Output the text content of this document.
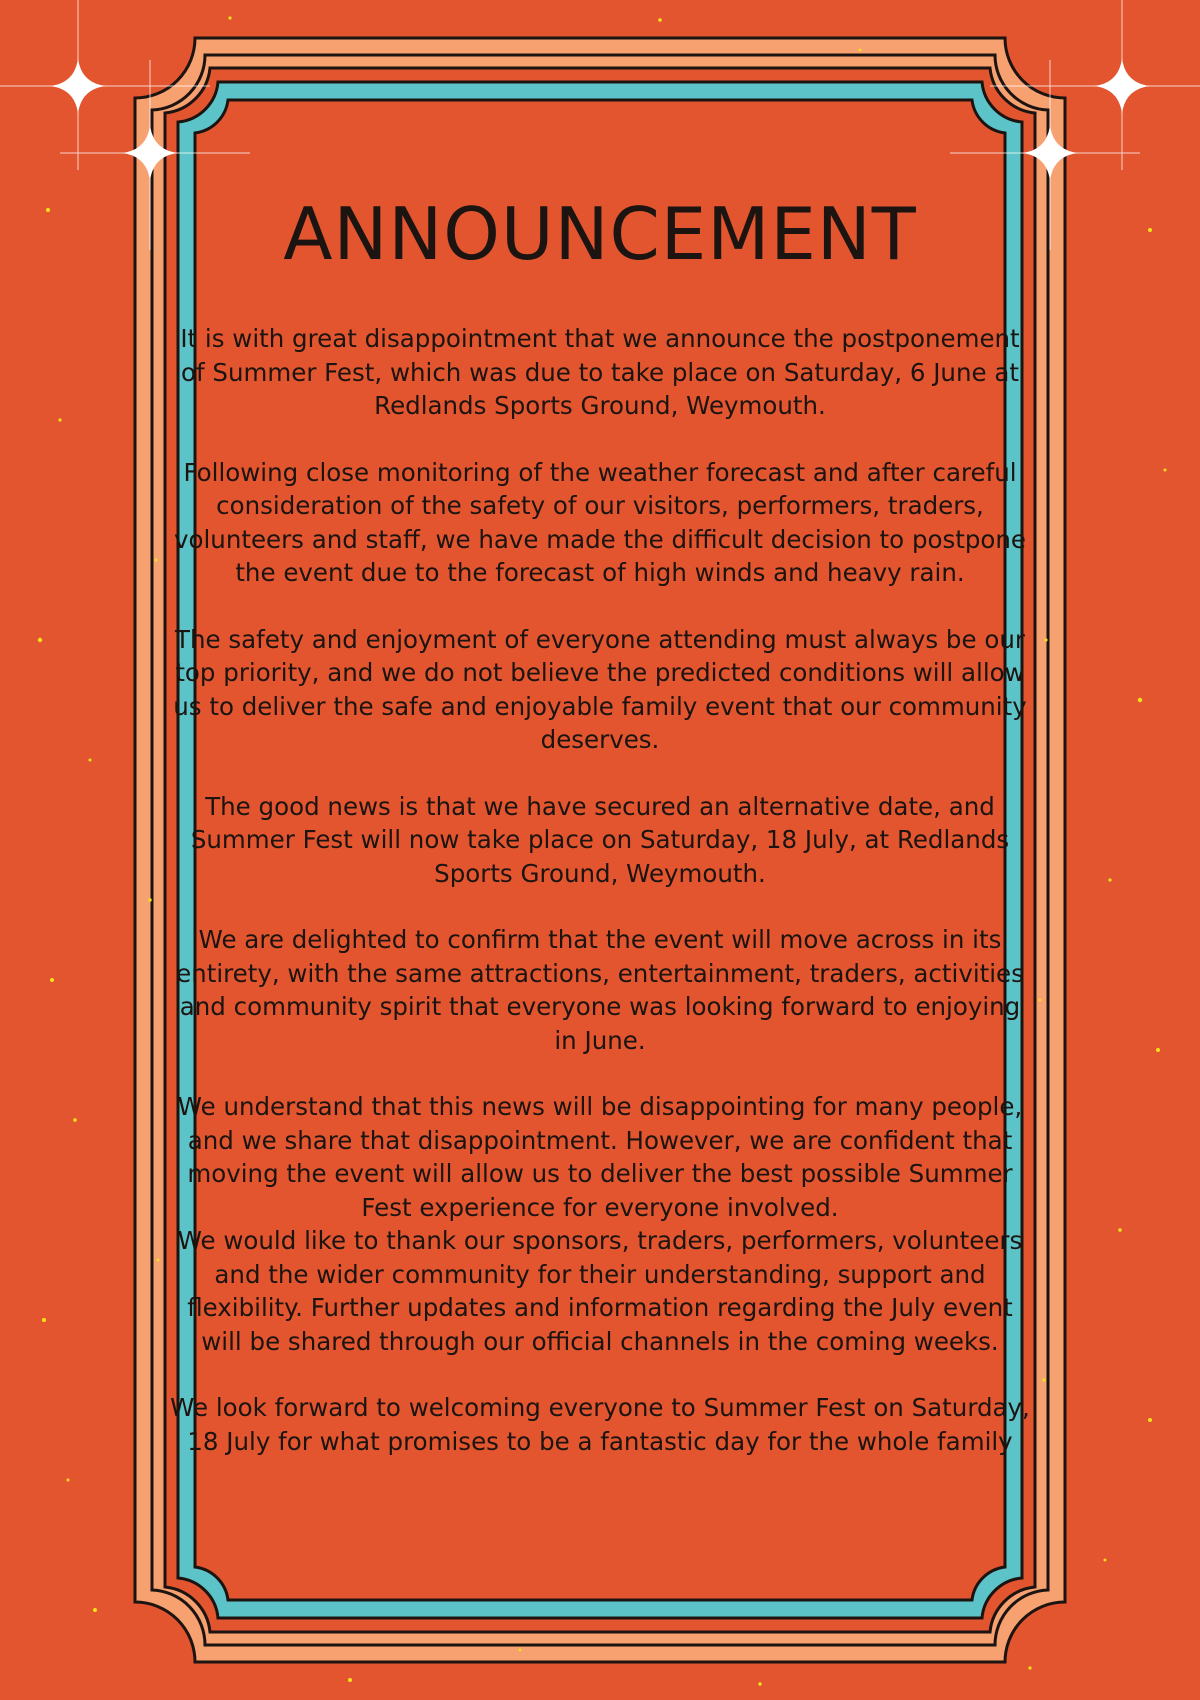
ANNOUNCEMENT

It is with great disappointment that we announce the postponement of Summer Fest, which was due to take place on Saturday, 6 June at Redlands Sports Ground, Weymouth.

Following close monitoring of the weather forecast and after careful consideration of the safety of our visitors, performers, traders, volunteers and staff, we have made the difficult decision to postpone the event due to the forecast of high winds and heavy rain.

The safety and enjoyment of everyone attending must always be our top priority, and we do not believe the predicted conditions will allow us to deliver the safe and enjoyable family event that our community deserves.

The good news is that we have secured an alternative date, and Summer Fest will now take place on Saturday, 18 July, at Redlands Sports Ground, Weymouth.

We are delighted to confirm that the event will move across in its entirety, with the same attractions, entertainment, traders, activities and community spirit that everyone was looking forward to enjoying in June.

We understand that this news will be disappointing for many people, and we share that disappointment. However, we are confident that moving the event will allow us to deliver the best possible Summer Fest experience for everyone involved.

We would like to thank our sponsors, traders, performers, volunteers and the wider community for their understanding, support and flexibility. Further updates and information regarding the July event will be shared through our official channels in the coming weeks.

We look forward to welcoming everyone to Summer Fest on Saturday, 18 July for what promises to be a fantastic day for the whole family
